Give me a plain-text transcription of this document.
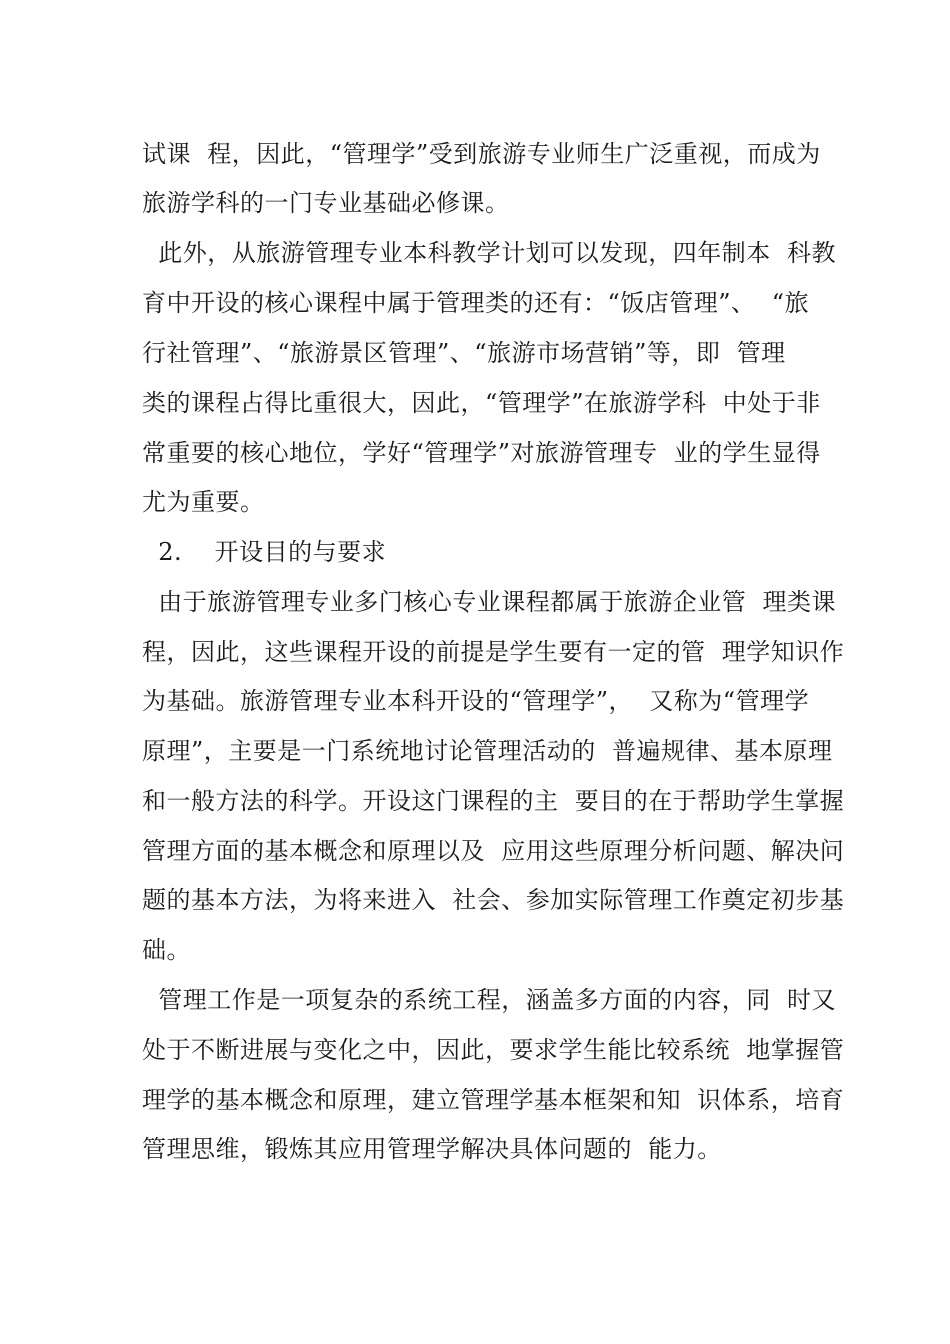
试课  程，因此，“管理学”受到旅游专业师生广泛重视，而成为
旅游学科的一门专业基础必修课。
此外，从旅游管理专业本科教学计划可以发现，四年制本  科教
育中开设的核心课程中属于管理类的还有：“饭店管理”、  “旅
行社管理”、“旅游景区管理”、“旅游市场营销”等，即  管理
类的课程占得比重很大，因此，“管理学”在旅游学科  中处于非
常重要的核心地位，学好“管理学”对旅游管理专  业的学生显得
尤为重要。
2.    开设目的与要求
由于旅游管理专业多门核心专业课程都属于旅游企业管  理类课
程，因此，这些课程开设的前提是学生要有一定的管  理学知识作
为基础。旅游管理专业本科开设的“管理学”，  又称为“管理学
原理”，主要是一门系统地讨论管理活动的  普遍规律、基本原理
和一般方法的科学。开设这门课程的主  要目的在于帮助学生掌握
管理方面的基本概念和原理以及  应用这些原理分析问题、解决问
题的基本方法，为将来进入  社会、参加实际管理工作奠定初步基
础。
管理工作是一项复杂的系统工程，涵盖多方面的内容，同  时又
处于不断进展与变化之中，因此，要求学生能比较系统  地掌握管
理学的基本概念和原理，建立管理学基本框架和知  识体系，培育
管理思维，锻炼其应用管理学解决具体问题的  能力。
